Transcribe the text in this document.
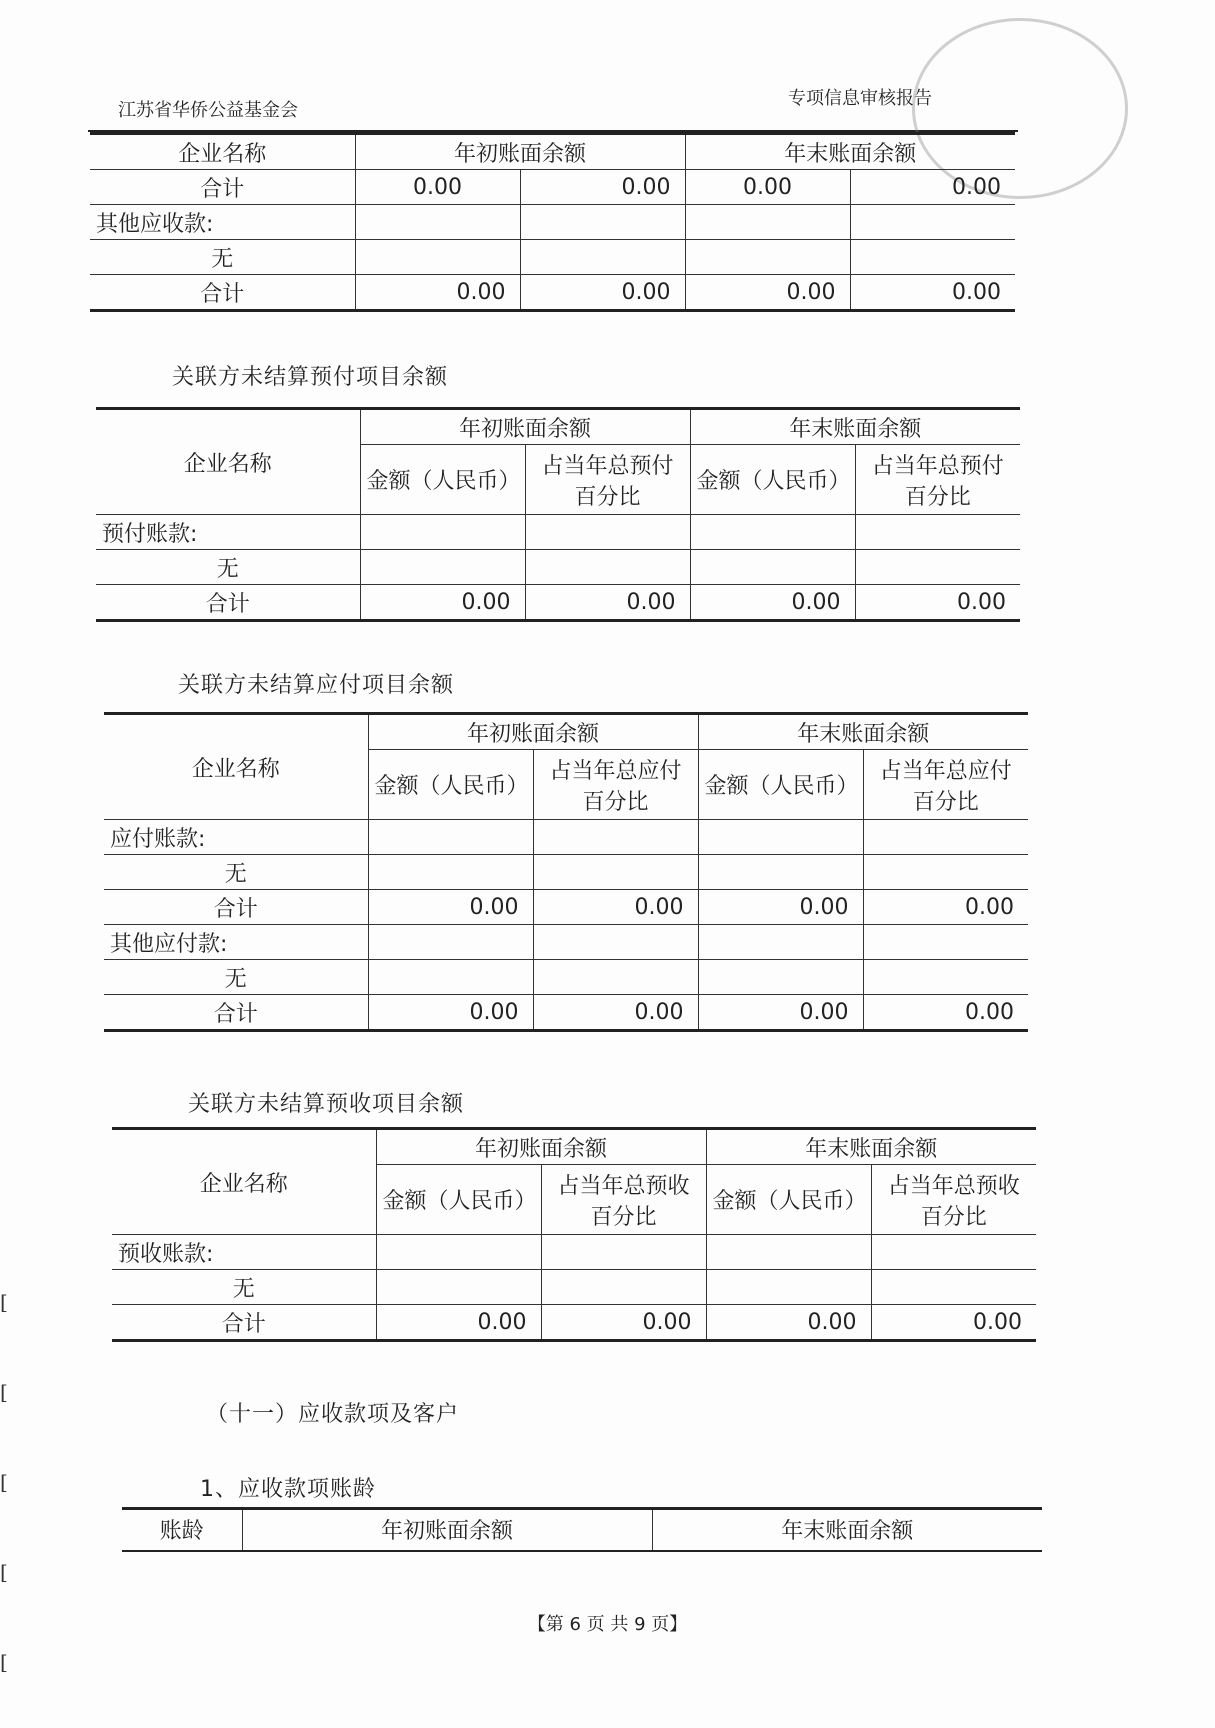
江苏省华侨公益基金会
专项信息审核报告
[
[
[
[
[
企业名称	年初账面余额		年末账面余额	
合计	0.00	0.00	0.00	0.00
其他应收款:				
无				
合计	0.00	0.00	0.00	0.00
关联方未结算预付项目余额
企业名称	年初账面余额		年末账面余额	
	金额（人民币）	占当年总预付百分比	金额（人民币）	占当年总预付百分比
预付账款:				
无				
合计	0.00	0.00	0.00	0.00
关联方未结算应付项目余额
企业名称	年初账面余额		年末账面余额	
	金额（人民币）	占当年总应付百分比	金额（人民币）	占当年总应付百分比
应付账款:				
无				
合计	0.00	0.00	0.00	0.00
其他应付款:				
无				
合计	0.00	0.00	0.00	0.00
关联方未结算预收项目余额
企业名称	年初账面余额		年末账面余额	
	金额（人民币）	占当年总预收百分比	金额（人民币）	占当年总预收百分比
预收账款:				
无				
合计	0.00	0.00	0.00	0.00
（十一）应收款项及客户
1、应收款项账龄
账龄	年初账面余额	年末账面余额
【第 6 页 共 9 页】
